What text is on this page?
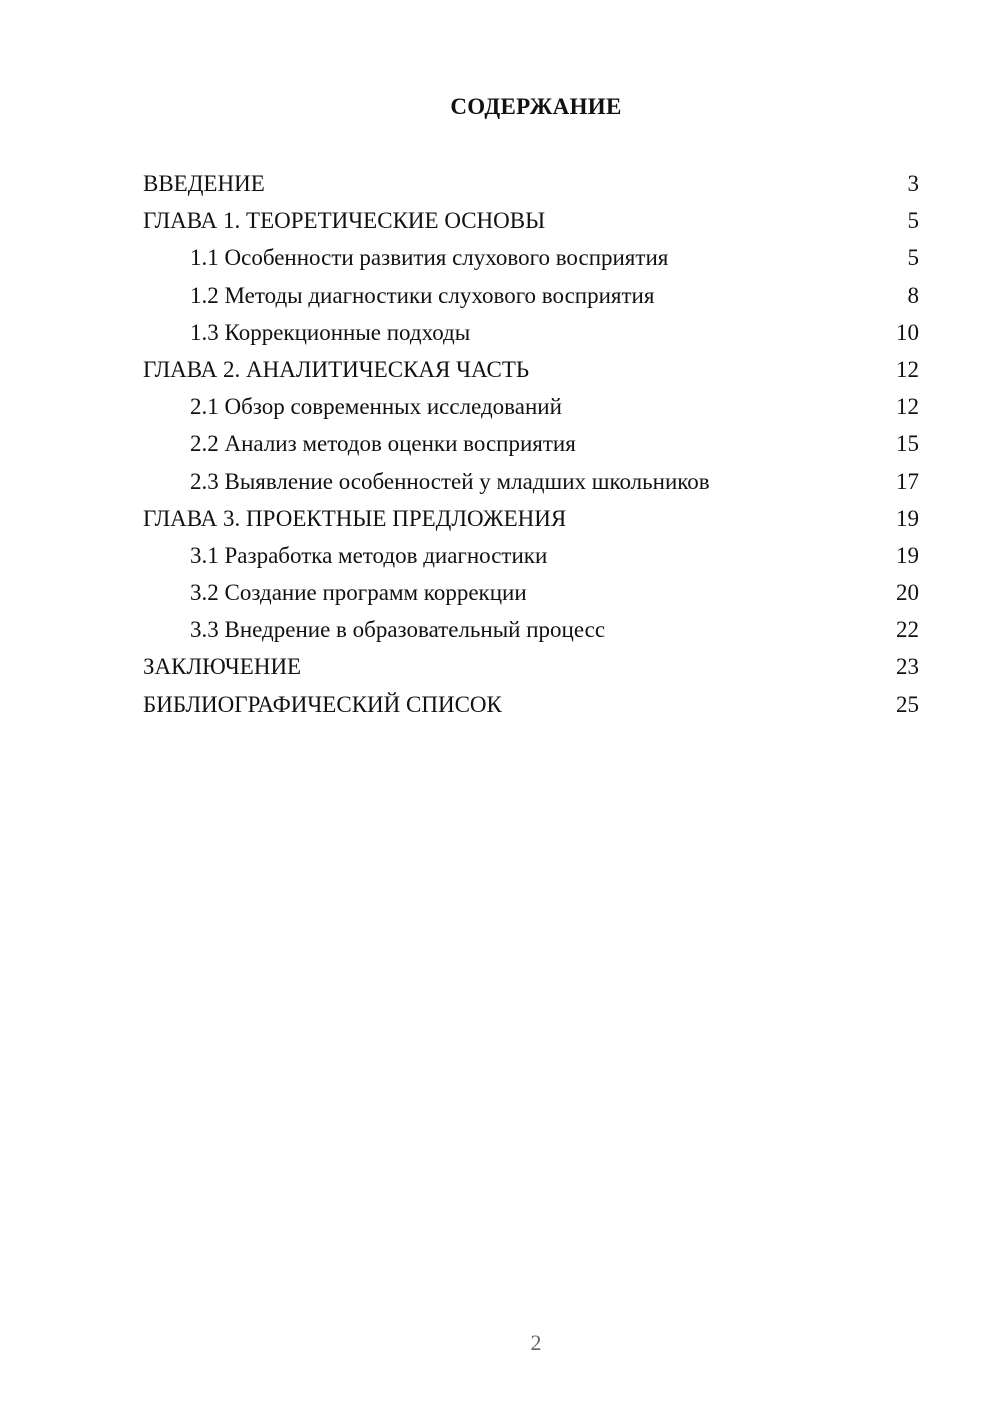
СОДЕРЖАНИЕ
ВВЕДЕНИЕ	3
ГЛАВА 1. ТЕОРЕТИЧЕСКИЕ ОСНОВЫ	5
1.1 Особенности развития слухового восприятия	5
1.2 Методы диагностики слухового восприятия	8
1.3 Коррекционные подходы	10
ГЛАВА 2. АНАЛИТИЧЕСКАЯ ЧАСТЬ	12
2.1 Обзор современных исследований	12
2.2 Анализ методов оценки восприятия	15
2.3 Выявление особенностей у младших школьников	17
ГЛАВА 3. ПРОЕКТНЫЕ ПРЕДЛОЖЕНИЯ	19
3.1 Разработка методов диагностики	19
3.2 Создание программ коррекции	20
3.3 Внедрение в образовательный процесс	22
ЗАКЛЮЧЕНИЕ	23
БИБЛИОГРАФИЧЕСКИЙ СПИСОК	25
2
